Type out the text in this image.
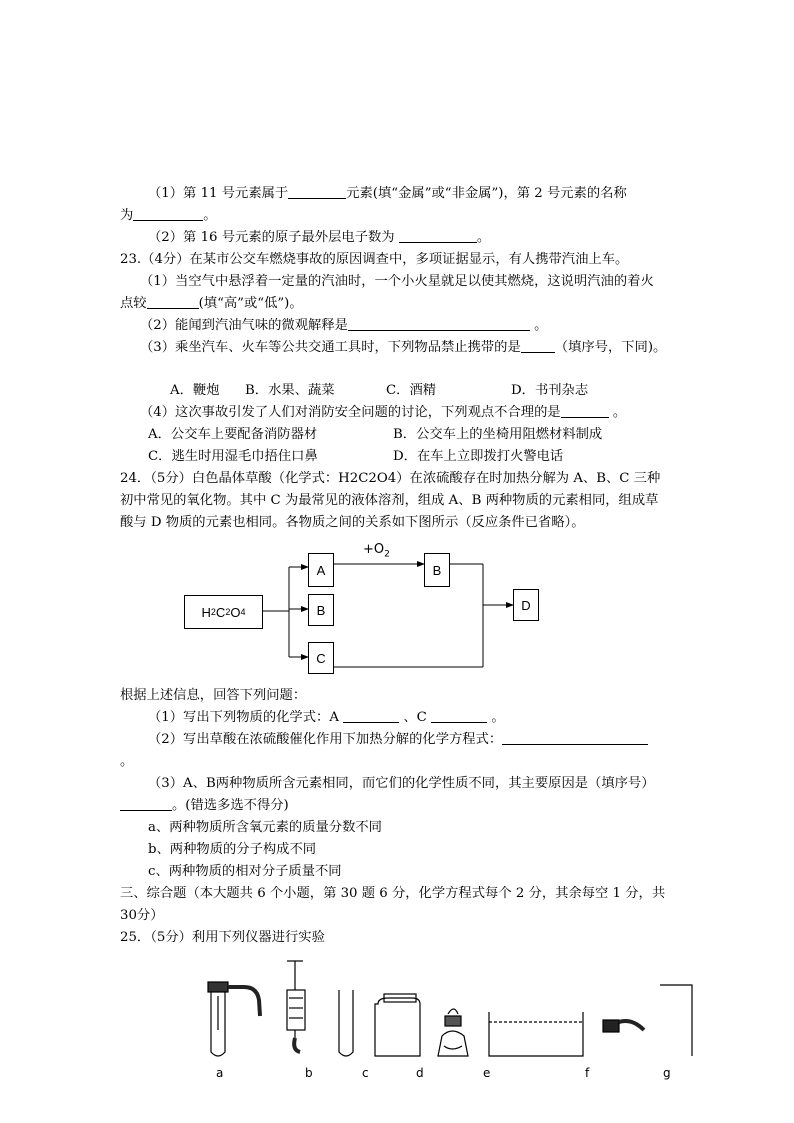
（1）第 11 号元素属于	元素(填“金属”或“非金属”)，第 2 号元素的名称
为	。
（2）第 16 号元素的原子最外层电子数为	。
23.（4分）在某市公交车燃烧事故的原因调查中，多项证据显示，有人携带汽油上车。
（1）当空气中悬浮着一定量的汽油时，一个小火星就足以使其燃烧，这说明汽油的着火
点较	(填“高”或“低”)。
（2）能闻到汽油气味的微观解释是	。
（3）乘坐汽车、火车等公共交通工具时，下列物品禁止携带的是	（填序号，下同)。
A．鞭炮 B．水果、蔬菜	C．酒精	D．书刊杂志
（4）这次事故引发了人们对消防安全问题的讨论，下列观点不合理的是	。
A．公交车上要配备消防器材	B．公交车上的坐椅用阻燃材料制成
C．逃生时用湿毛巾捂住口鼻	D．在车上立即拨打火警电话
24．（5分）白色晶体草酸（化学式：H2C2O4）在浓硫酸存在时加热分解为 A、B、C 三种
初中常见的氧化物。其中 C 为最常见的液体溶剂，组成 A、B 两种物质的元素相同，组成草
酸与 D 物质的元素也相同。各物质之间的关系如下图所示（反应条件已省略）。
$+O_2$
H 2 C 2 O 4
A
B
C
B
D
根据上述信息，回答下列问题：
（1）写出下列物质的化学式：A	、C	。
（2）写出草酸在浓硫酸催化作用下加热分解的化学方程式：
。
（3）A、B两种物质所含元素相同，而它们的化学性质不同，其主要原因是（填序号）
。(错选多选不得分)
a、两种物质所含氧元素的质量分数不同
b、两种物质的分子构成不同
c、两种物质的相对分子质量不同
三、综合题（本大题共 6 个小题，第 30 题 6 分，化学方程式每个 2 分，其余每空 1 分，共
30分）
25．（5分）利用下列仪器进行实验
a	b	c	d	e	f	g
